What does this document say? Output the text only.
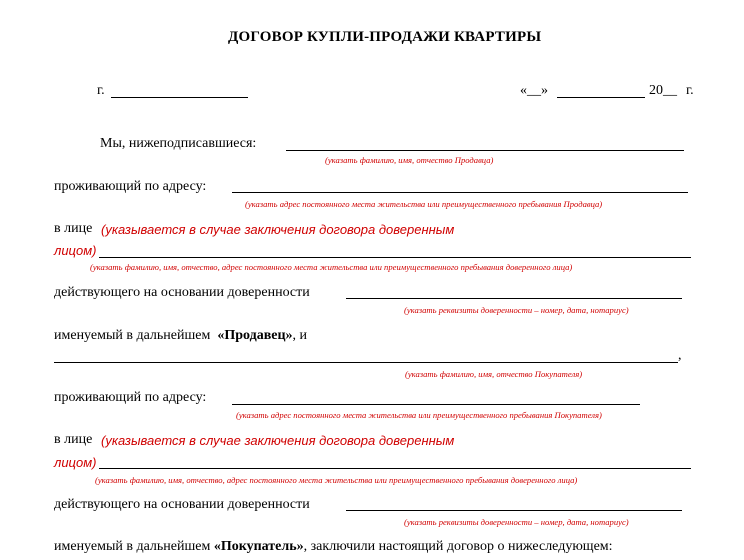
ДОГОВОР КУПЛИ-ПРОДАЖИ КВАРТИРЫ
г.	«__»	20__ г.
Мы, нижеподписавшиеся:
(указать фамилию, имя, отчество Продавца)
проживающий по адресу:
(указать адрес постоянного места жительства или преимущественного пребывания Продавца)
в лице (указывается в случае заключения договора доверенным
лицом)
(указать фамилию, имя, отчество, адрес постоянного места жительства или преимущественного пребывания доверенного лица)
действующего на основании доверенности
(указать реквизиты доверенности – номер, дата, нотариус)
именуемый в дальнейшем «Продавец», и
,
(указать фамилию, имя, отчество Покупателя)
проживающий по адресу:
(указать адрес постоянного места жительства или преимущественного пребывания Покупателя)
в лице (указывается в случае заключения договора доверенным
лицом)
(указать фамилию, имя, отчество, адрес постоянного места жительства или преимущественного пребывания доверенного лица)
действующего на основании доверенности
(указать реквизиты доверенности – номер, дата, нотариус)
именуемый в дальнейшем «Покупатель», заключили настоящий договор о нижеследующем:
